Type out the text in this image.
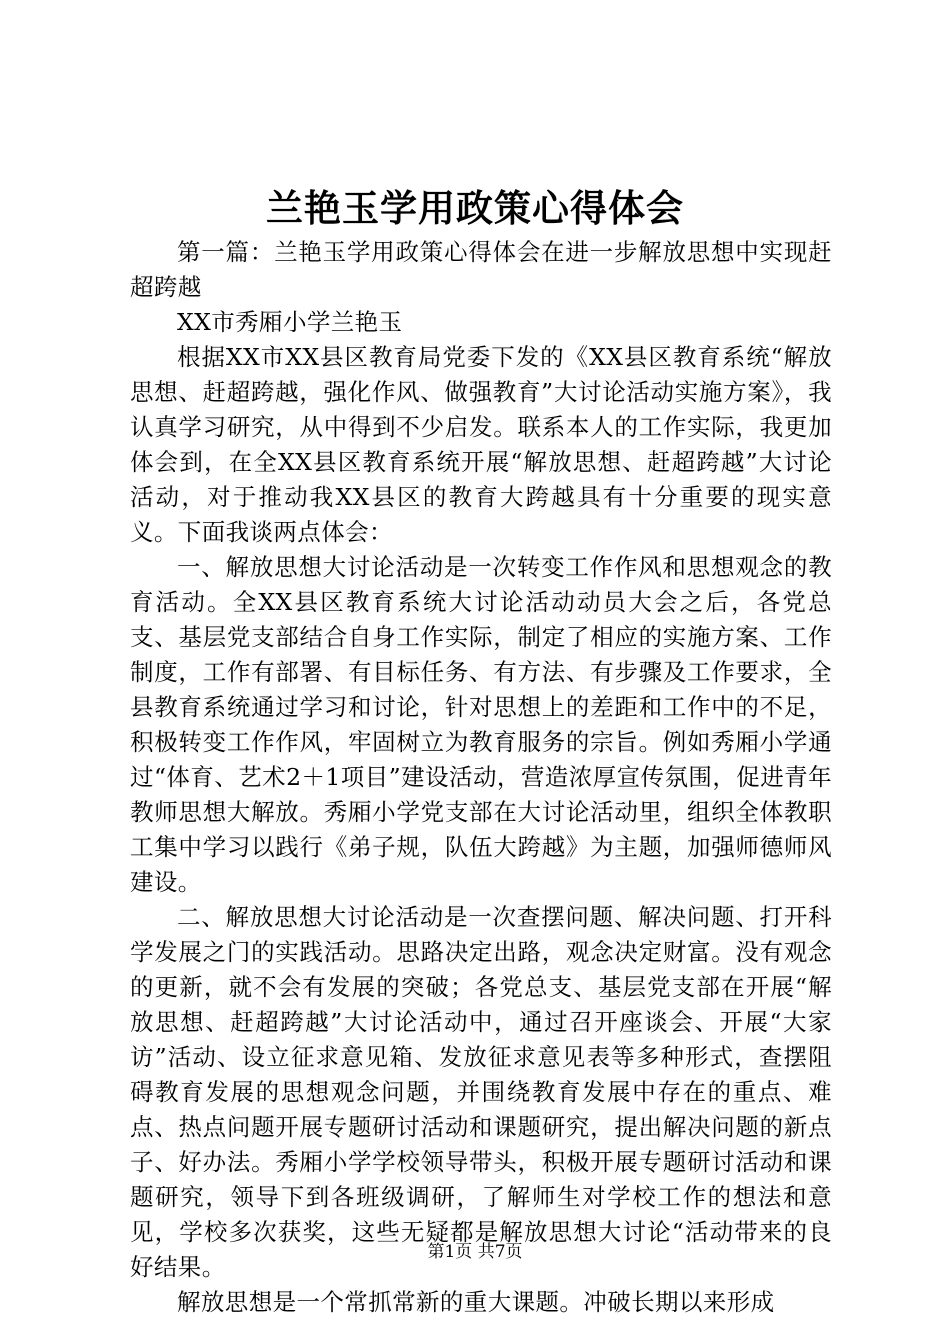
兰艳玉学用政策心得体会

第一篇：兰艳玉学用政策心得体会在进一步解放思想中实现赶超跨越

XX市秀厢小学兰艳玉

根据XX市XX县区教育局党委下发的《XX县区教育系统“解放思想、赶超跨越，强化作风、做强教育”大讨论活动实施方案》，我认真学习研究，从中得到不少启发。联系本人的工作实际，我更加体会到，在全XX县区教育系统开展“解放思想、赶超跨越”大讨论活动，对于推动我XX县区的教育大跨越具有十分重要的现实意义。下面我谈两点体会：

一、解放思想大讨论活动是一次转变工作作风和思想观念的教育活动。全XX县区教育系统大讨论活动动员大会之后，各党总支、基层党支部结合自身工作实际，制定了相应的实施方案、工作制度，工作有部署、有目标任务、有方法、有步骤及工作要求，全县教育系统通过学习和讨论，针对思想上的差距和工作中的不足，积极转变工作作风，牢固树立为教育服务的宗旨。例如秀厢小学通过“体育、艺术2＋1项目”建设活动，营造浓厚宣传氛围，促进青年教师思想大解放。秀厢小学党支部在大讨论活动里，组织全体教职工集中学习以践行《弟子规，队伍大跨越》为主题，加强师德师风建设。

二、解放思想大讨论活动是一次查摆问题、解决问题、打开科学发展之门的实践活动。思路决定出路，观念决定财富。没有观念的更新，就不会有发展的突破；各党总支、基层党支部在开展“解放思想、赶超跨越”大讨论活动中，通过召开座谈会、开展“大家访”活动、设立征求意见箱、发放征求意见表等多种形式，查摆阻碍教育发展的思想观念问题，并围绕教育发展中存在的重点、难点、热点问题开展专题研讨活动和课题研究，提出解决问题的新点子、好办法。秀厢小学学校领导带头，积极开展专题研讨活动和课题研究，领导下到各班级调研，了解师生对学校工作的想法和意见，学校多次获奖，这些无疑都是解放思想大讨论“活动带来的良好结果。

解放思想是一个常抓常新的重大课题。冲破长期以来形成

第1页 共7页
